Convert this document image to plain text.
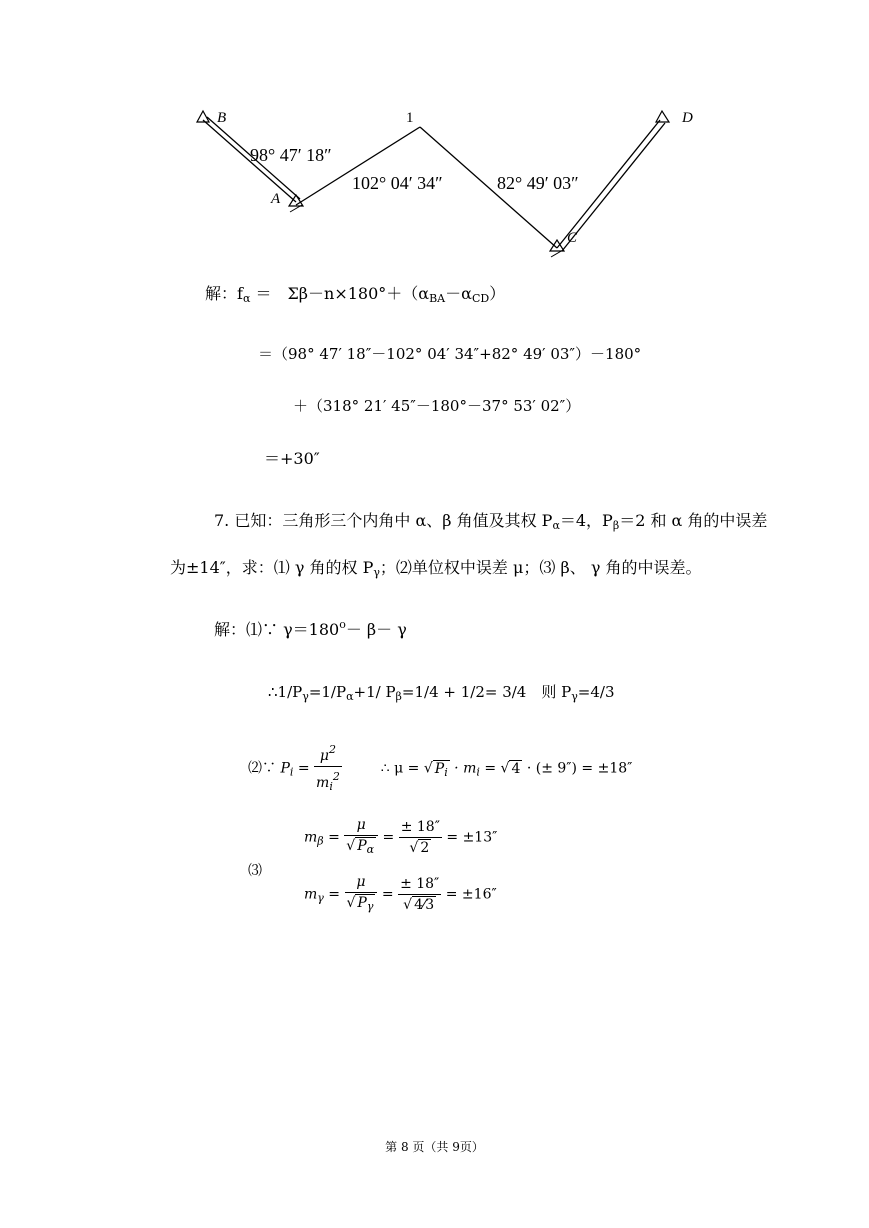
B	1	D
A
C
98° 47′ 18″
102° 04′ 34″	82° 49′ 03″
解：$f_\alpha$ ＝　$\Sigma\beta-n\times 180^\circ+(\alpha_{BA}-\alpha_{CD})$
＝（98° 47′ 18″－102° 04′ 34″+82° 49′ 03″）－180°
＋（318° 21′ 45″－180°－37° 53′ 02″）
＝+30″
7. 已知：三角形三个内角中 α、β 角值及其权 $P_\alpha=4$，$P_\beta=2$ 和 α 角的中误差
为±14″，求：⑴ γ 角的权 $P_\gamma$；⑵单位权中误差 μ；⑶ β、 γ 角的中误差。
解：⑴∵ $\gamma=180^o- \beta- \gamma$
$\therefore 1/P_\gamma=1/P_\alpha+1/$ $P_\beta=1/4 + 1/2= 3/4$　则 $P_\gamma=4/3$
⑵∵ $P_i = \frac{\mu^2}{m_i^2}$	∴ μ = √ $P_i \cdot m_i$ = √ 4 · (± 9″) = ±18″
⑶
$m_\beta = \frac{\mu}{√ P_\alpha} = \frac{\pm 18''}{√ 2} = \pm 13''$
$m_\gamma = \frac{\mu}{√ P_\gamma} = \frac{\pm 18''}{√ 4⁄3} = \pm 16''$
第 8 页（共 9页）
